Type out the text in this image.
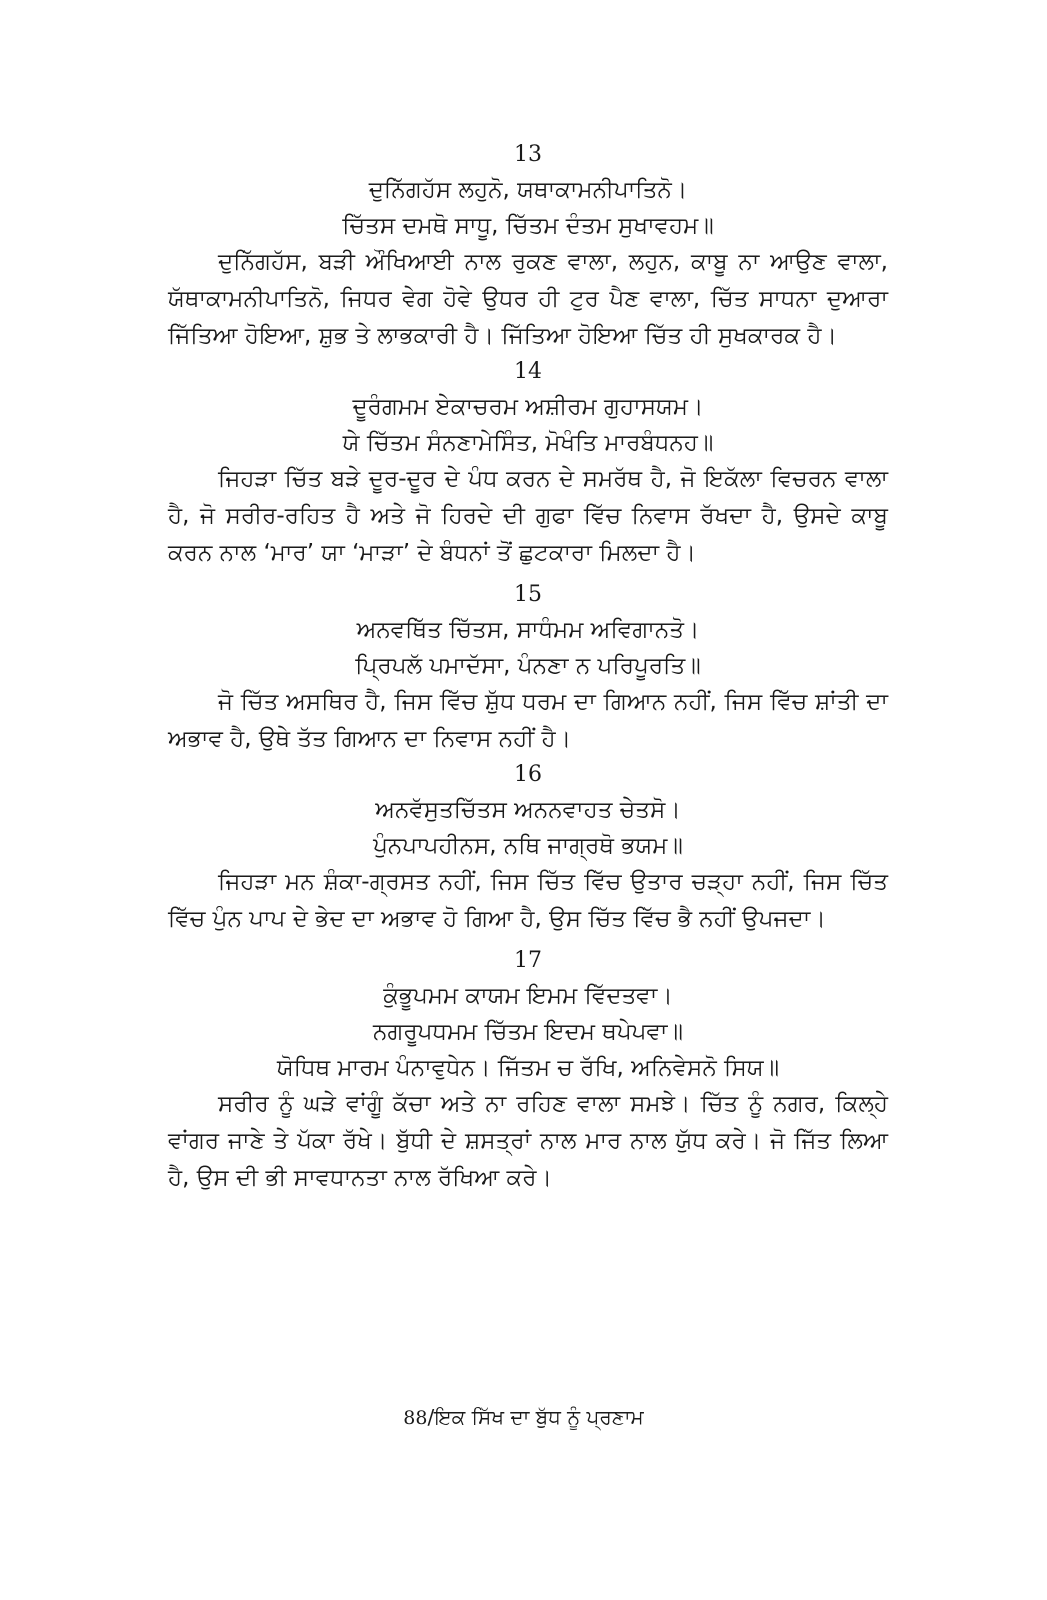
13
ਦੁਨਿੱਗਹੱਸ ਲਹੁਨੋ, ਯਥਾਕਾਮਨੀਪਾਤਿਨੋ।
ਚਿੱਤਸ ਦਮਥੋ ਸਾਧੂ, ਚਿੱਤਮ ਦੰਤਮ ਸੁਖਾਵਹਮ॥

ਦੁਨਿੱਗਹੱਸ, ਬੜੀ ਔਖਿਆਈ ਨਾਲ ਰੁਕਣ ਵਾਲਾ, ਲਹੁਨ, ਕਾਬੂ ਨਾ ਆਉਣ ਵਾਲਾ, ਯੱਥਾਕਾਮਨੀਪਾਤਿਨੋ, ਜਿਧਰ ਵੇਗ ਹੋਵੇ ਉਧਰ ਹੀ ਟੁਰ ਪੈਣ ਵਾਲਾ, ਚਿੱਤ ਸਾਧਨਾ ਦੁਆਰਾ ਜਿੱਤਿਆ ਹੋਇਆ, ਸ਼ੁਭ ਤੇ ਲਾਭਕਾਰੀ ਹੈ। ਜਿੱਤਿਆ ਹੋਇਆ ਚਿੱਤ ਹੀ ਸੁਖਕਾਰਕ ਹੈ।

14
ਦੂਰੰਗਮਮ ਏਕਾਚਰਮ ਅਸ਼ੀਰਮ ਗੁਹਾਸਯਮ।
ਯੇ ਚਿੱਤਮ ਸੰਨਣਾਮੇਸਿੰਤ, ਮੋਖੰਤਿ ਮਾਰਬੰਧਨਹ॥

ਜਿਹੜਾ ਚਿੱਤ ਬੜੇ ਦੂਰ-ਦੂਰ ਦੇ ਪੰਧ ਕਰਨ ਦੇ ਸਮਰੱਥ ਹੈ, ਜੋ ਇਕੱਲਾ ਵਿਚਰਨ ਵਾਲਾ ਹੈ, ਜੋ ਸਰੀਰ-ਰਹਿਤ ਹੈ ਅਤੇ ਜੋ ਹਿਰਦੇ ਦੀ ਗੁਫਾ ਵਿੱਚ ਨਿਵਾਸ ਰੱਖਦਾ ਹੈ, ਉਸਦੇ ਕਾਬੂ ਕਰਨ ਨਾਲ ‘ਮਾਰ’ ਯਾ ‘ਮਾੜਾ’ ਦੇ ਬੰਧਨਾਂ ਤੋਂ ਛੁਟਕਾਰਾ ਮਿਲਦਾ ਹੈ।

15
ਅਨਵਥਿੱਤ ਚਿੱਤਸ, ਸਾਧੰਮਮ ਅਵਿਗਾਨਤੋ।
ਪ੍ਰਿਪਲੱ ਪਮਾਦੱਸਾ, ਪੰਨਣਾ ਨ ਪਰਿਪੂਰਤਿ॥

ਜੋ ਚਿੱਤ ਅਸਥਿਰ ਹੈ, ਜਿਸ ਵਿੱਚ ਸ਼ੁੱਧ ਧਰਮ ਦਾ ਗਿਆਨ ਨਹੀਂ, ਜਿਸ ਵਿੱਚ ਸ਼ਾਂਤੀ ਦਾ ਅਭਾਵ ਹੈ, ਉਥੇ ਤੱਤ ਗਿਆਨ ਦਾ ਨਿਵਾਸ ਨਹੀਂ ਹੈ।

16
ਅਨਵੱਸੁਤਚਿੱਤਸ ਅਨਨਵਾਹਤ ਚੇਤਸੋ।
ਪੁੰਨਪਾਪਹੀਨਸ, ਨਥਿ ਜਾਗ੍ਰਥੋ ਭਯਮ॥

ਜਿਹੜਾ ਮਨ ਸ਼ੰਕਾ-ਗ੍ਰਸਤ ਨਹੀਂ, ਜਿਸ ਚਿੱਤ ਵਿੱਚ ਉਤਾਰ ਚੜ੍ਹਾ ਨਹੀਂ, ਜਿਸ ਚਿੱਤ ਵਿੱਚ ਪੁੰਨ ਪਾਪ ਦੇ ਭੇਦ ਦਾ ਅਭਾਵ ਹੋ ਗਿਆ ਹੈ, ਉਸ ਚਿੱਤ ਵਿੱਚ ਭੈ ਨਹੀਂ ਉਪਜਦਾ।

17
ਕੁੰਭੂਪਮਮ ਕਾਯਮ ਇਮਮ ਵਿੱਦਤਵਾ।
ਨਗਰੂਪਧਮਮ ਚਿੱਤਮ ਇਦਮ ਥਪੇਪਵਾ॥
ਯੋਧਿਥ ਮਾਰਮ ਪੰਨਾਵੁਧੇਨ। ਜਿੱਤਮ ਚ ਰੱਖਿ, ਅਨਿਵੇਸਨੋ ਸਿਯ॥

ਸਰੀਰ ਨੂੰ ਘੜੇ ਵਾਂਗੂੰ ਕੱਚਾ ਅਤੇ ਨਾ ਰਹਿਣ ਵਾਲਾ ਸਮਝੇ। ਚਿੱਤ ਨੂੰ ਨਗਰ, ਕਿਲ੍ਹੇ ਵਾਂਗਰ ਜਾਣੇ ਤੇ ਪੱਕਾ ਰੱਖੇ। ਬੁੱਧੀ ਦੇ ਸ਼ਸਤ੍ਰਾਂ ਨਾਲ ਮਾਰ ਨਾਲ ਯੁੱਧ ਕਰੇ। ਜੋ ਜਿੱਤ ਲਿਆ ਹੈ, ਉਸ ਦੀ ਭੀ ਸਾਵਧਾਨਤਾ ਨਾਲ ਰੱਖਿਆ ਕਰੇ।

88/ਇਕ ਸਿੱਖ ਦਾ ਬੁੱਧ ਨੂੰ ਪ੍ਰਣਾਮ
